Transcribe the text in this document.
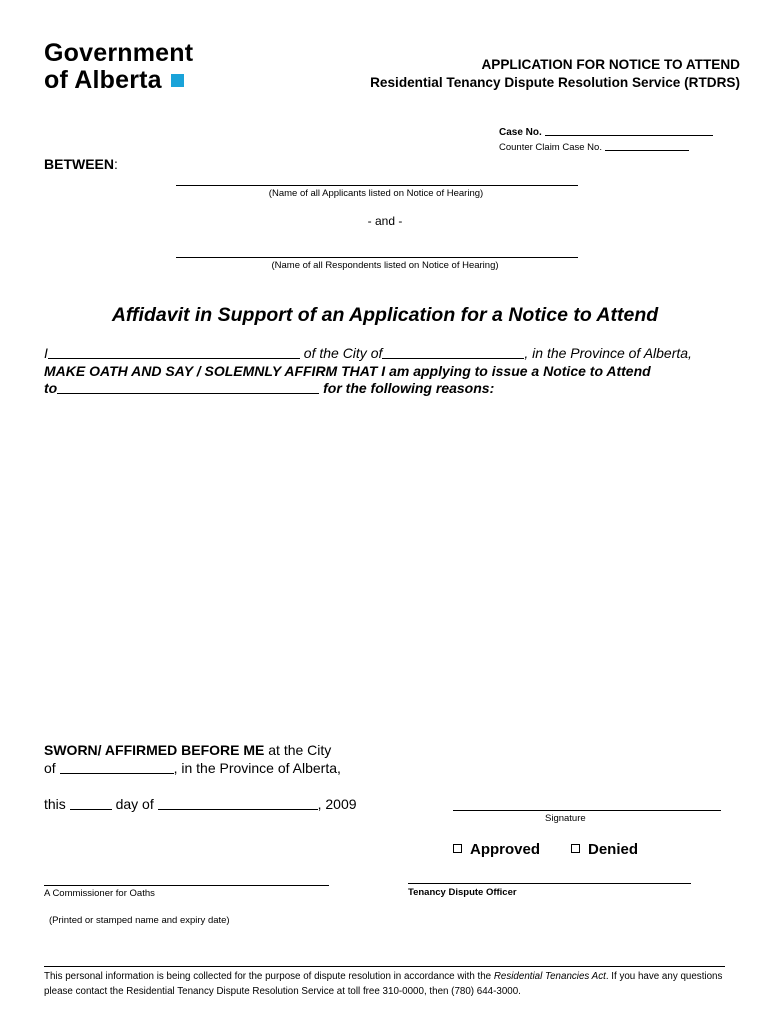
Government
of Alberta
APPLICATION FOR NOTICE TO ATTEND
Residential Tenancy Dispute Resolution Service (RTDRS)
Case No.
Counter Claim Case No.
BETWEEN:
(Name of all Applicants listed on Notice of Hearing)
- and -
(Name of all Respondents listed on Notice of Hearing)
Affidavit in Support of an Application for a Notice to Attend
I	of the City of	, in the Province of Alberta,
MAKE OATH AND SAY / SOLEMNLY AFFIRM THAT I am applying to issue a Notice to Attend
to	for the following reasons:
SWORN/ AFFIRMED BEFORE ME at the City
of	, in the Province of Alberta,
this	day of	, 2009
Signature
Approved	Denied
A Commissioner for Oaths
(Printed or stamped name and expiry date)
Tenancy Dispute Officer
This personal information is being collected for the purpose of dispute resolution in accordance with the Residential Tenancies Act. If you have any questions please contact the Residential Tenancy Dispute Resolution Service at toll free 310-0000, then (780) 644-3000.
